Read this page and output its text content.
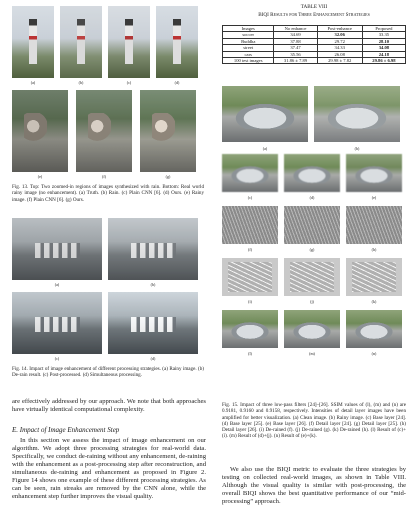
(a)	(b)	(c)	(d)
(e)	(f)	(g)
Fig. 13. Top: Two zoomed-in regions of images synthesized with rain. Bottom: Real world rainy image (no enhancement). (a) Truth. (b) Rain. (c) Plain CNN [6]. (d) Ours. (e) Rainy image. (f) Plain CNN [6]. (g) Ours.
(a)	(b)
(c)	(d)
Fig. 14. Impact of image enhancement of different processing strategies. (a) Rainy image. (b) De-rain result. (c) Post-processed. (d) Simultaneous processing.
are effectively addressed by our approach. We note that both approaches have virtually identical computational complexity.
E. Impact of Image Enhancement Step
In this section we assess the impact of image enhancement on our algorithm. We adopt three processing strategies for real-world data. Specifically, we conduct de-raining without any enhancement, de-raining with the enhancement as a post-processing step after reconstruction, and simultaneous de-raining and enhancement as proposed in Figure 2. Figure 14 shows one example of these different processing strategies. As can be seen, rain streaks are removed by the CNN alone, while the enhancement step further improves the visual quality.
TABLE VIII
BIQI Results for Three Enhancement Strategies
Images	No enhance	Post-enhance	Proposed
soccer	34.69	32.06	33.35
Buddha	37.88	29.72	28.10
street	37.47	34.33	34.08
cars	35.56	26.08	24.18
100 test images	31.86 ± 7.89	29.98 ± 7.82	29.86 ± 6.98
(a)	(b)
(c)	(d)	(e)
(f)	(g)	(h)
(i)	(j)	(k)
(l)	(m)	(n)
Fig. 15. Impact of three low-pass filters [24]–[26]. SSIM values of (l), (m) and (n) are 0.9181, 0.9160 and 0.9158, respectively. Intensities of detail layer images have been amplified for better visualization. (a) Clean image. (b) Rainy image. (c) Base layer [24]. (d) Base layer [25]. (e) Base layer [26]. (f) Detail layer [24]. (g) Detail layer [25]. (h) Detail layer [26]. (i) De-rained (f). (j) De-rained (g). (k) De-rained (h). (l) Result of (c)+(i). (m) Result of (d)+(j). (n) Result of (e)+(k).
We also use the BIQI metric to evaluate the three strategies by testing on collected real-world images, as shown in Table VIII. Although the visual quality is similar with post-processing, the overall BIQI shows the best quantitative performance of our “mid-processing” approach.
